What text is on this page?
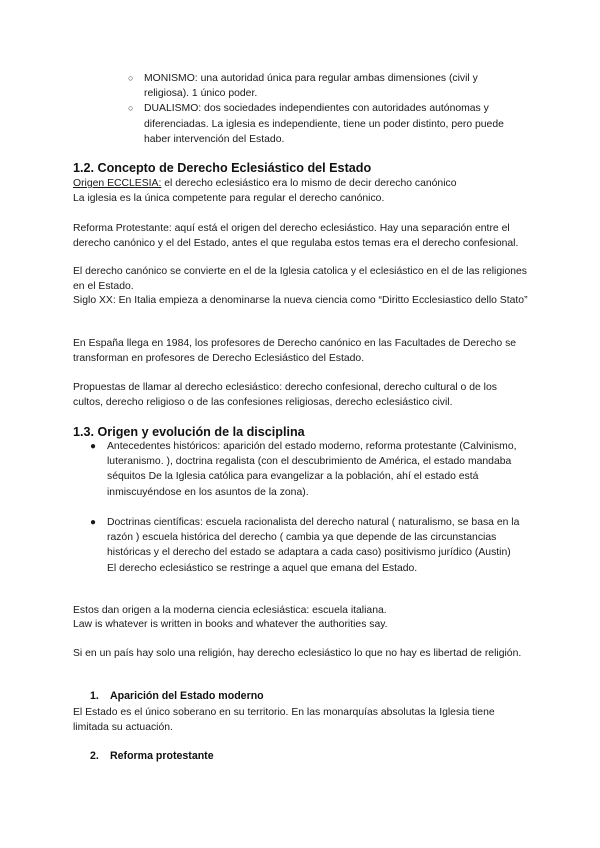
○ MONISMO: una autoridad única para regular ambas dimensiones (civil y religiosa). 1 único poder.
○ DUALISMO: dos sociedades independientes con autoridades autónomas y diferenciadas. La iglesia es independiente, tiene un poder distinto, pero puede haber intervención del Estado.
1.2. Concepto de Derecho Eclesiástico del Estado

Origen ECCLESIA: el derecho eclesiástico era lo mismo de decir derecho canónico

La iglesia es la única competente para regular el derecho canónico.

Reforma Protestante: aquí está el origen del derecho eclesiástico. Hay una separación entre el derecho canónico y el del Estado, antes el que regulaba estos temas era el derecho confesional.

El derecho canónico se convierte en el de la Iglesia catolica y el eclesiástico en el de las religiones en el Estado.

Siglo XX: En Italia empieza a denominarse la nueva ciencia como “Diritto Ecclesiastico dello Stato”

En España llega en 1984, los profesores de Derecho canónico en las Facultades de Derecho se transforman en profesores de Derecho Eclesiástico del Estado.

Propuestas de llamar al derecho eclesiástico: derecho confesional, derecho cultural o de los cultos, derecho religioso o de las confesiones religiosas, derecho eclesiástico civil.

1.3. Origen y evolución de la disciplina
● Antecedentes históricos: aparición del estado moderno, reforma protestante (Calvinismo, luteranismo. ), doctrina regalista (con el descubrimiento de América, el estado mandaba séquitos De la Iglesia católica para evangelizar a la población, ahí el estado está inmiscuyéndose en los asuntos de la zona).
● Doctrinas científicas: escuela racionalista del derecho natural ( naturalismo, se basa en la razón ) escuela histórica del derecho ( cambia ya que depende de las circunstancias históricas y el derecho del estado se adaptara a cada caso) positivismo jurídico (Austin) El derecho eclesiástico se restringe a aquel que emana del Estado.

Estos dan origen a la moderna ciencia eclesiástica: escuela italiana.

Law is whatever is written in books and whatever the authorities say.

Si en un país hay solo una religión, hay derecho eclesiástico lo que no hay es libertad de religión.

1. Aparición del Estado moderno

El Estado es el único soberano en su territorio. En las monarquías absolutas la Iglesia tiene limitada su actuación.

2. Reforma protestante
